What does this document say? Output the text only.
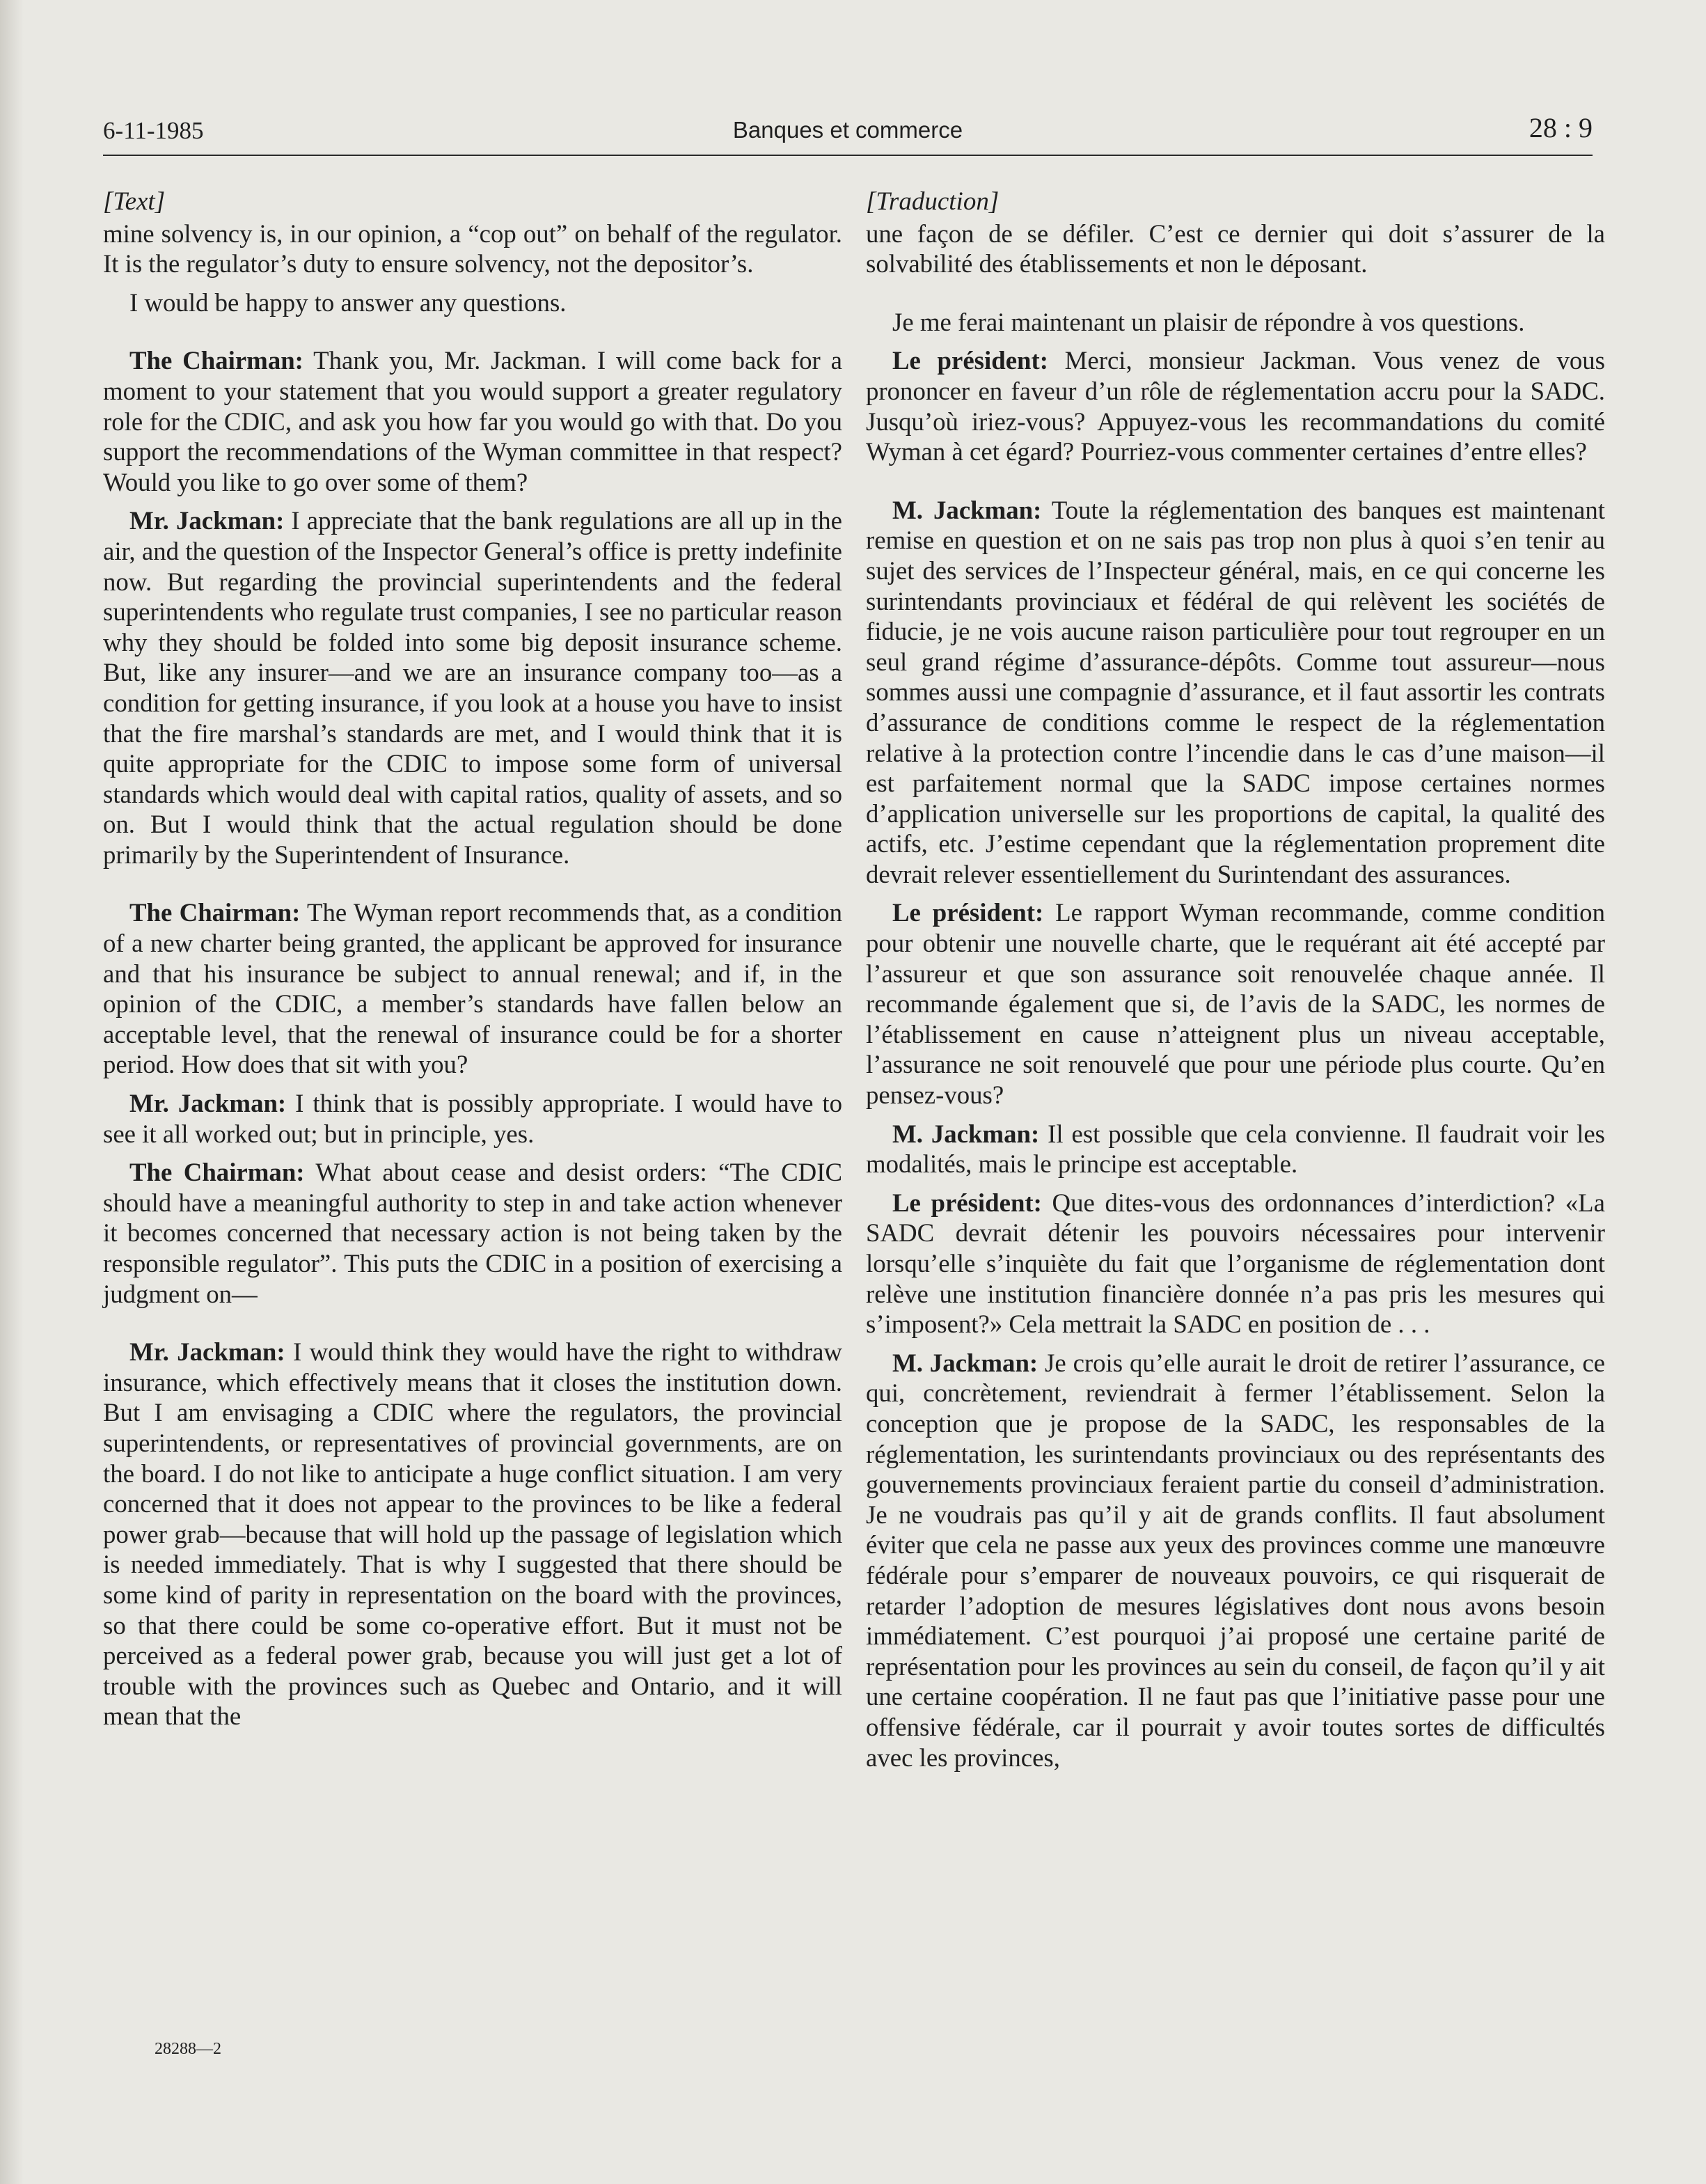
6-11-1985	Banques et commerce	28 : 9

[Text]

mine solvency is, in our opinion, a “cop out” on behalf of the regulator. It is the regulator’s duty to ensure solvency, not the depositor’s.

I would be happy to answer any questions.

The Chairman: Thank you, Mr. Jackman. I will come back for a moment to your statement that you would support a greater regulatory role for the CDIC, and ask you how far you would go with that. Do you support the recommendations of the Wyman committee in that respect? Would you like to go over some of them?

Mr. Jackman: I appreciate that the bank regulations are all up in the air, and the question of the Inspector General’s office is pretty indefinite now. But regarding the provincial superintendents and the federal superintendents who regulate trust companies, I see no particular reason why they should be folded into some big deposit insurance scheme. But, like any insurer—and we are an insurance company too—as a condition for getting insurance, if you look at a house you have to insist that the fire marshal’s standards are met, and I would think that it is quite appropriate for the CDIC to impose some form of universal standards which would deal with capital ratios, quality of assets, and so on. But I would think that the actual regulation should be done primarily by the Superintendent of Insurance.

The Chairman: The Wyman report recommends that, as a condition of a new charter being granted, the applicant be approved for insurance and that his insurance be subject to annual renewal; and if, in the opinion of the CDIC, a member’s standards have fallen below an acceptable level, that the renewal of insurance could be for a shorter period. How does that sit with you?

Mr. Jackman: I think that is possibly appropriate. I would have to see it all worked out; but in principle, yes.

The Chairman: What about cease and desist orders: “The CDIC should have a meaningful authority to step in and take action whenever it becomes concerned that necessary action is not being taken by the responsible regulator”. This puts the CDIC in a position of exercising a judgment on—

Mr. Jackman: I would think they would have the right to withdraw insurance, which effectively means that it closes the institution down. But I am envisaging a CDIC where the regulators, the provincial superintendents, or representatives of provincial governments, are on the board. I do not like to anticipate a huge conflict situation. I am very concerned that it does not appear to the provinces to be like a federal power grab—because that will hold up the passage of legislation which is needed immediately. That is why I suggested that there should be some kind of parity in representation on the board with the provinces, so that there could be some co-operative effort. But it must not be perceived as a federal power grab, because you will just get a lot of trouble with the provinces such as Quebec and Ontario, and it will mean that the

[Traduction]

une façon de se défiler. C’est ce dernier qui doit s’assurer de la solvabilité des établissements et non le déposant.

Je me ferai maintenant un plaisir de répondre à vos questions.

Le président: Merci, monsieur Jackman. Vous venez de vous prononcer en faveur d’un rôle de réglementation accru pour la SADC. Jusqu’où iriez-vous? Appuyez-vous les recommandations du comité Wyman à cet égard? Pourriez-vous commenter certaines d’entre elles?

M. Jackman: Toute la réglementation des banques est maintenant remise en question et on ne sais pas trop non plus à quoi s’en tenir au sujet des services de l’Inspecteur général, mais, en ce qui concerne les surintendants provinciaux et fédéral de qui relèvent les sociétés de fiducie, je ne vois aucune raison particulière pour tout regrouper en un seul grand régime d’assurance-dépôts. Comme tout assureur—nous sommes aussi une compagnie d’assurance, et il faut assortir les contrats d’assurance de conditions comme le respect de la réglementation relative à la protection contre l’incendie dans le cas d’une maison—il est parfaitement normal que la SADC impose certaines normes d’application universelle sur les proportions de capital, la qualité des actifs, etc. J’estime cependant que la réglementation proprement dite devrait relever essentiellement du Surintendant des assurances.

Le président: Le rapport Wyman recommande, comme condition pour obtenir une nouvelle charte, que le requérant ait été accepté par l’assureur et que son assurance soit renouvelée chaque année. Il recommande également que si, de l’avis de la SADC, les normes de l’établissement en cause n’atteignent plus un niveau acceptable, l’assurance ne soit renouvelé que pour une période plus courte. Qu’en pensez-vous?

M. Jackman: Il est possible que cela convienne. Il faudrait voir les modalités, mais le principe est acceptable.

Le président: Que dites-vous des ordonnances d’interdiction? «La SADC devrait détenir les pouvoirs nécessaires pour intervenir lorsqu’elle s’inquiète du fait que l’organisme de réglementation dont relève une institution financière donnée n’a pas pris les mesures qui s’imposent?» Cela mettrait la SADC en position de . . .

M. Jackman: Je crois qu’elle aurait le droit de retirer l’assurance, ce qui, concrètement, reviendrait à fermer l’établissement. Selon la conception que je propose de la SADC, les responsables de la réglementation, les surintendants provinciaux ou des représentants des gouvernements provinciaux feraient partie du conseil d’administration. Je ne voudrais pas qu’il y ait de grands conflits. Il faut absolument éviter que cela ne passe aux yeux des provinces comme une manœuvre fédérale pour s’emparer de nouveaux pouvoirs, ce qui risquerait de retarder l’adoption de mesures législatives dont nous avons besoin immédiatement. C’est pourquoi j’ai proposé une certaine parité de représentation pour les provinces au sein du conseil, de façon qu’il y ait une certaine coopération. Il ne faut pas que l’initiative passe pour une offensive fédérale, car il pourrait y avoir toutes sortes de difficultés avec les provinces,

28288—2
